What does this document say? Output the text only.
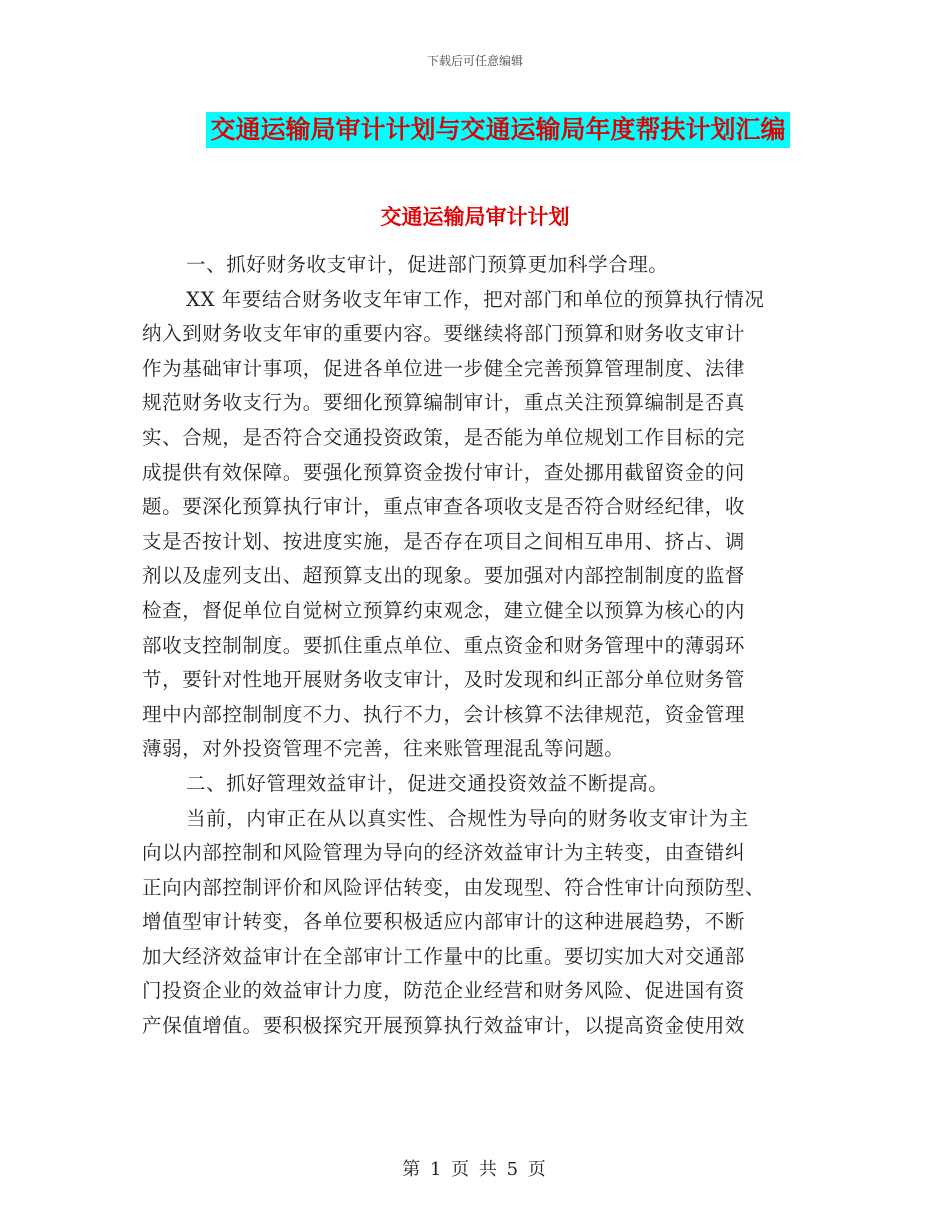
下载后可任意编辑
交通运输局审计计划与交通运输局年度帮扶计划汇编
交通运输局审计计划
一、抓好财务收支审计，促进部门预算更加科学合理。
XX 年要结合财务收支年审工作，把对部门和单位的预算执行情况
纳入到财务收支年审的重要内容。要继续将部门预算和财务收支审计
作为基础审计事项，促进各单位进一步健全完善预算管理制度、法律
规范财务收支行为。要细化预算编制审计，重点关注预算编制是否真
实、合规，是否符合交通投资政策，是否能为单位规划工作目标的完
成提供有效保障。要强化预算资金拨付审计，查处挪用截留资金的问
题。要深化预算执行审计，重点审查各项收支是否符合财经纪律，收
支是否按计划、按进度实施，是否存在项目之间相互串用、挤占、调
剂以及虚列支出、超预算支出的现象。要加强对内部控制制度的监督
检查，督促单位自觉树立预算约束观念，建立健全以预算为核心的内
部收支控制制度。要抓住重点单位、重点资金和财务管理中的薄弱环
节，要针对性地开展财务收支审计，及时发现和纠正部分单位财务管
理中内部控制制度不力、执行不力，会计核算不法律规范，资金管理
薄弱，对外投资管理不完善，往来账管理混乱等问题。
二、抓好管理效益审计，促进交通投资效益不断提高。
当前，内审正在从以真实性、合规性为导向的财务收支审计为主
向以内部控制和风险管理为导向的经济效益审计为主转变，由查错纠
正向内部控制评价和风险评估转变，由发现型、符合性审计向预防型、
增值型审计转变，各单位要积极适应内部审计的这种进展趋势，不断
加大经济效益审计在全部审计工作量中的比重。要切实加大对交通部
门投资企业的效益审计力度，防范企业经营和财务风险、促进国有资
产保值增值。要积极探究开展预算执行效益审计，以提高资金使用效
第 1 页 共 5 页
